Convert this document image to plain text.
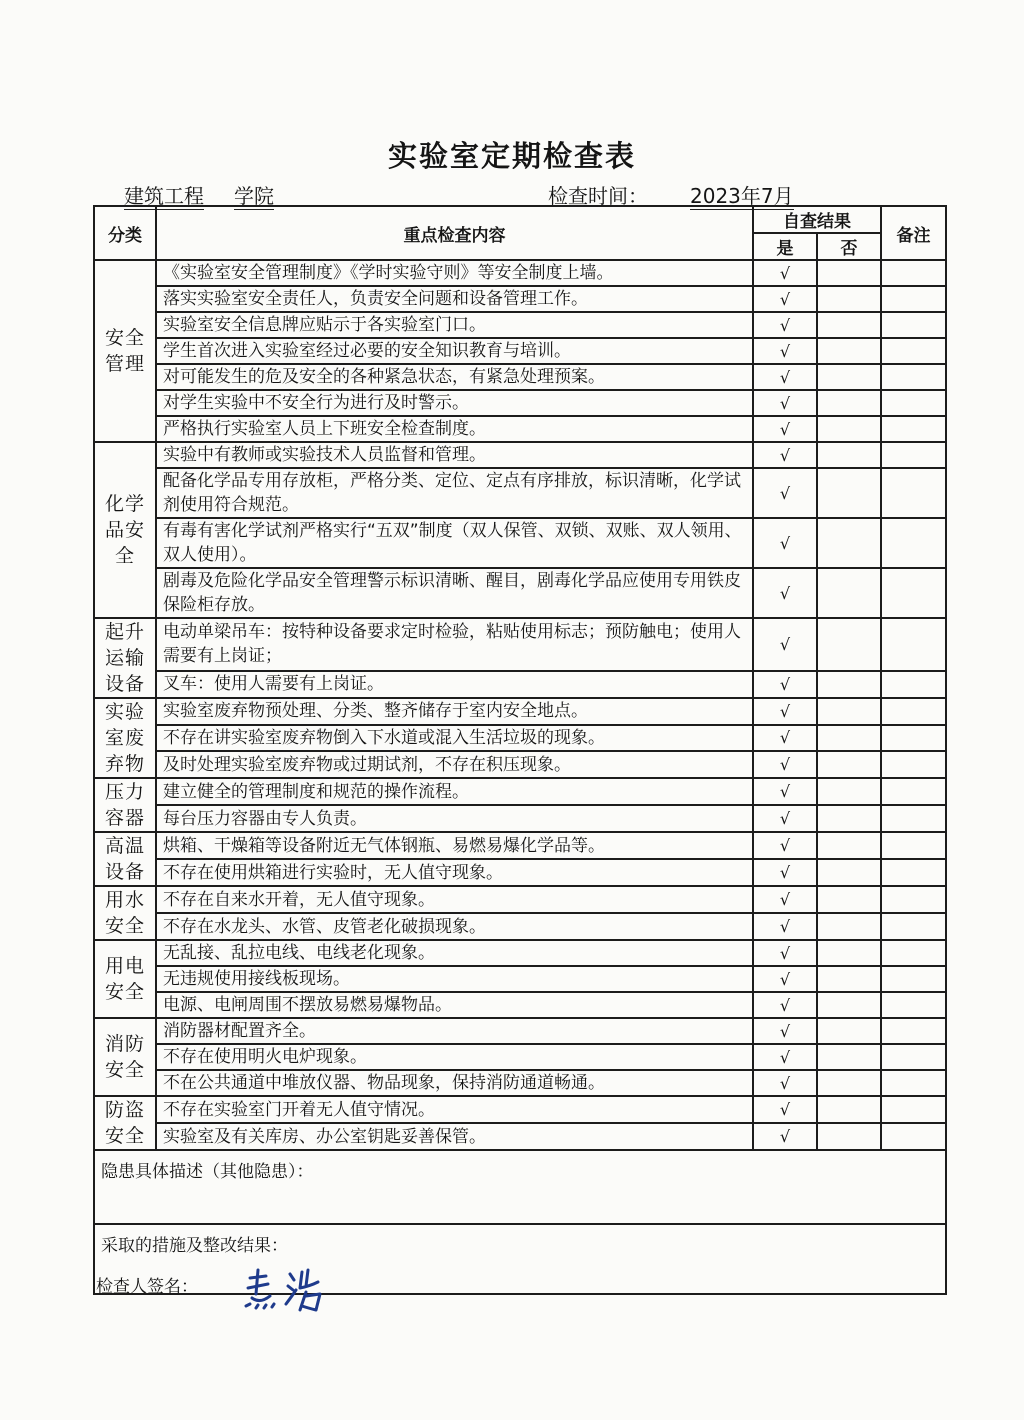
实验室定期检查表
建筑工程 学院	检查时间： 2023年7月
分类	重点检查内容	自查结果		备注
		是	否	
安全管理	《实验室安全管理制度》《学时实验守则》等安全制度上墙。	√		
	落实实验室安全责任人，负责安全问题和设备管理工作。	√		
	实验室安全信息牌应贴示于各实验室门口。	√		
	学生首次进入实验室经过必要的安全知识教育与培训。	√		
	对可能发生的危及安全的各种紧急状态，有紧急处理预案。	√		
	对学生实验中不安全行为进行及时警示。	√		
	严格执行实验室人员上下班安全检查制度。	√		
化学品安全	实验中有教师或实验技术人员监督和管理。	√		
	配备化学品专用存放柜，严格分类、定位、定点有序排放，标识清晰，化学试剂使用符合规范。	√		
	有毒有害化学试剂严格实行“五双”制度（双人保管、双锁、双账、双人领用、双人使用）。	√		
	剧毒及危险化学品安全管理警示标识清晰、醒目，剧毒化学品应使用专用铁皮保险柜存放。	√		
起升运输设备	电动单梁吊车：按特种设备要求定时检验，粘贴使用标志；预防触电；使用人需要有上岗证；	√		
	叉车：使用人需要有上岗证。	√		
实验室废弃物	实验室废弃物预处理、分类、整齐储存于室内安全地点。	√		
	不存在讲实验室废弃物倒入下水道或混入生活垃圾的现象。	√		
	及时处理实验室废弃物或过期试剂，不存在积压现象。	√		
压力容器	建立健全的管理制度和规范的操作流程。	√		
	每台压力容器由专人负责。	√		
高温设备	烘箱、干燥箱等设备附近无气体钢瓶、易燃易爆化学品等。	√		
	不存在使用烘箱进行实验时，无人值守现象。	√		
用水安全	不存在自来水开着，无人值守现象。	√		
	不存在水龙头、水管、皮管老化破损现象。	√		
用电安全	无乱接、乱拉电线、电线老化现象。	√		
	无违规使用接线板现场。	√		
	电源、电闸周围不摆放易燃易爆物品。	√		
消防安全	消防器材配置齐全。	√		
	不存在使用明火电炉现象。	√		
	不在公共通道中堆放仪器、物品现象，保持消防通道畅通。	√		
防盗安全	不存在实验室门开着无人值守情况。	√		
	实验室及有关库房、办公室钥匙妥善保管。	√		
隐患具体描述（其他隐患）：				
采取的措施及整改结果：				
检查人签名：
